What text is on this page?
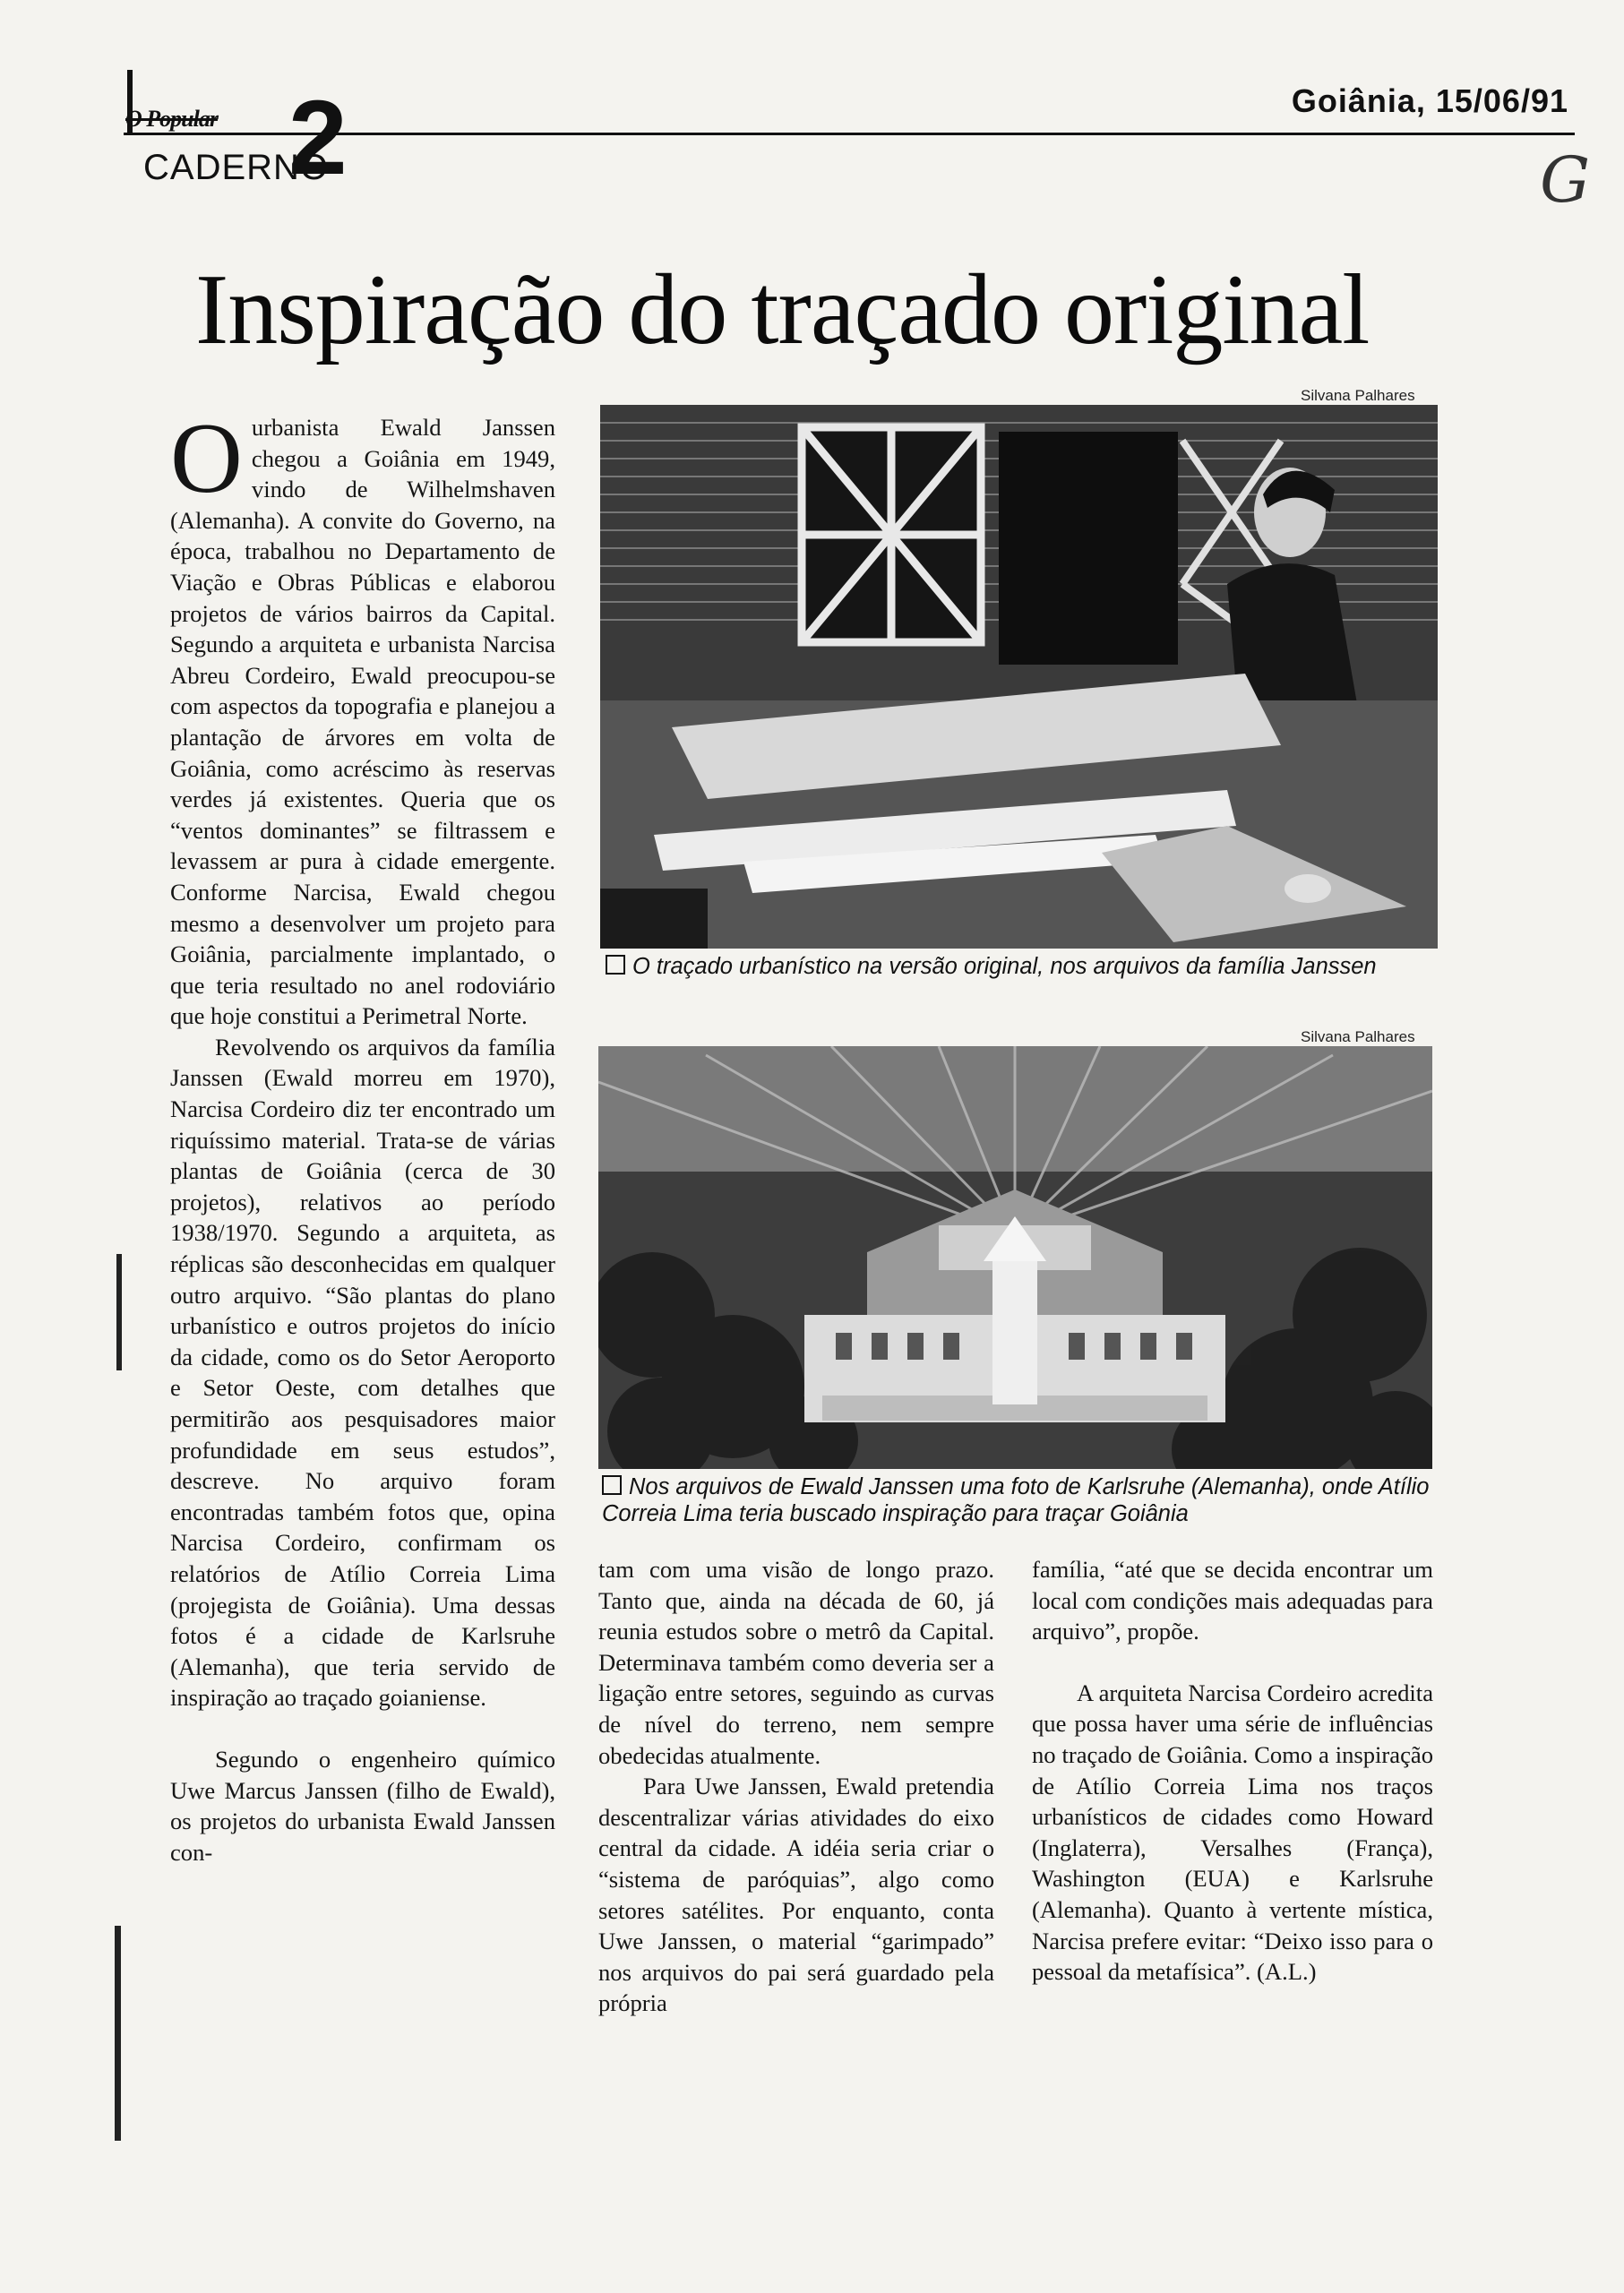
O Popular
CADERNO
2	Goiânia, 15/06/91
G
Inspiração do traçado original

Ourbanista Ewald Janssen chegou a Goiânia em 1949, vindo de Wilhelmshaven (Alemanha). A convite do Governo, na época, trabalhou no Departamento de Viação e Obras Públicas e elaborou projetos de vários bairros da Capital. Segundo a arquiteta e urbanista Narcisa Abreu Cordeiro, Ewald preocupou-se com aspectos da topografia e planejou a plantação de árvores em volta de Goiânia, como acréscimo às reservas verdes já existentes. Queria que os “ventos dominantes” se filtrassem e levassem ar pura à cidade emergente. Conforme Narcisa, Ewald chegou mesmo a desenvolver um projeto para Goiânia, parcialmente implantado, o que teria resultado no anel rodoviário que hoje constitui a Perimetral Norte.

Revolvendo os arquivos da família Janssen (Ewald morreu em 1970), Narcisa Cordeiro diz ter encontrado um riquíssimo material. Trata-se de várias plantas de Goiânia (cerca de 30 projetos), relativos ao período 1938/1970. Segundo a arquiteta, as réplicas são desconhecidas em qualquer outro arquivo. “São plantas do plano urbanístico e outros projetos do início da cidade, como os do Setor Aeroporto e Setor Oeste, com detalhes que permitirão aos pesquisadores maior profundidade em seus estudos”, descreve. No arquivo foram encontradas também fotos que, opina Narcisa Cordeiro, confirmam os relatórios de Atílio Correia Lima (projegista de Goiânia). Uma dessas fotos é a cidade de Karlsruhe (Alemanha), que teria servido de inspiração ao traçado goianiense.

Segundo o engenheiro químico Uwe Marcus Janssen (filho de Ewald), os projetos do urbanista Ewald Janssen con-

Silvana Palhares
O traçado urbanístico na versão original, nos arquivos da família Janssen
Silvana Palhares
Nos arquivos de Ewald Janssen uma foto de Karlsruhe (Alemanha), onde Atílio Correia Lima teria buscado inspiração para traçar Goiânia

tam com uma visão de longo prazo. Tanto que, ainda na década de 60, já reunia estudos sobre o metrô da Capital. Determinava também como deveria ser a ligação entre setores, seguindo as curvas de nível do terreno, nem sempre obedecidas atualmente.

Para Uwe Janssen, Ewald pretendia descentralizar várias atividades do eixo central da cidade. A idéia seria criar o “sistema de paróquias”, algo como setores satélites. Por enquanto, conta Uwe Janssen, o material “garimpado” nos arquivos do pai será guardado pela própria

família, “até que se decida encontrar um local com condições mais adequadas para arquivo”, propõe.

A arquiteta Narcisa Cordeiro acredita que possa haver uma série de influências no traçado de Goiânia. Como a inspiração de Atílio Correia Lima nos traços urbanísticos de cidades como Howard (Inglaterra), Versalhes (França), Washington (EUA) e Karlsruhe (Alemanha). Quanto à vertente mística, Narcisa prefere evitar: “Deixo isso para o pessoal da metafísica”. (A.L.)
